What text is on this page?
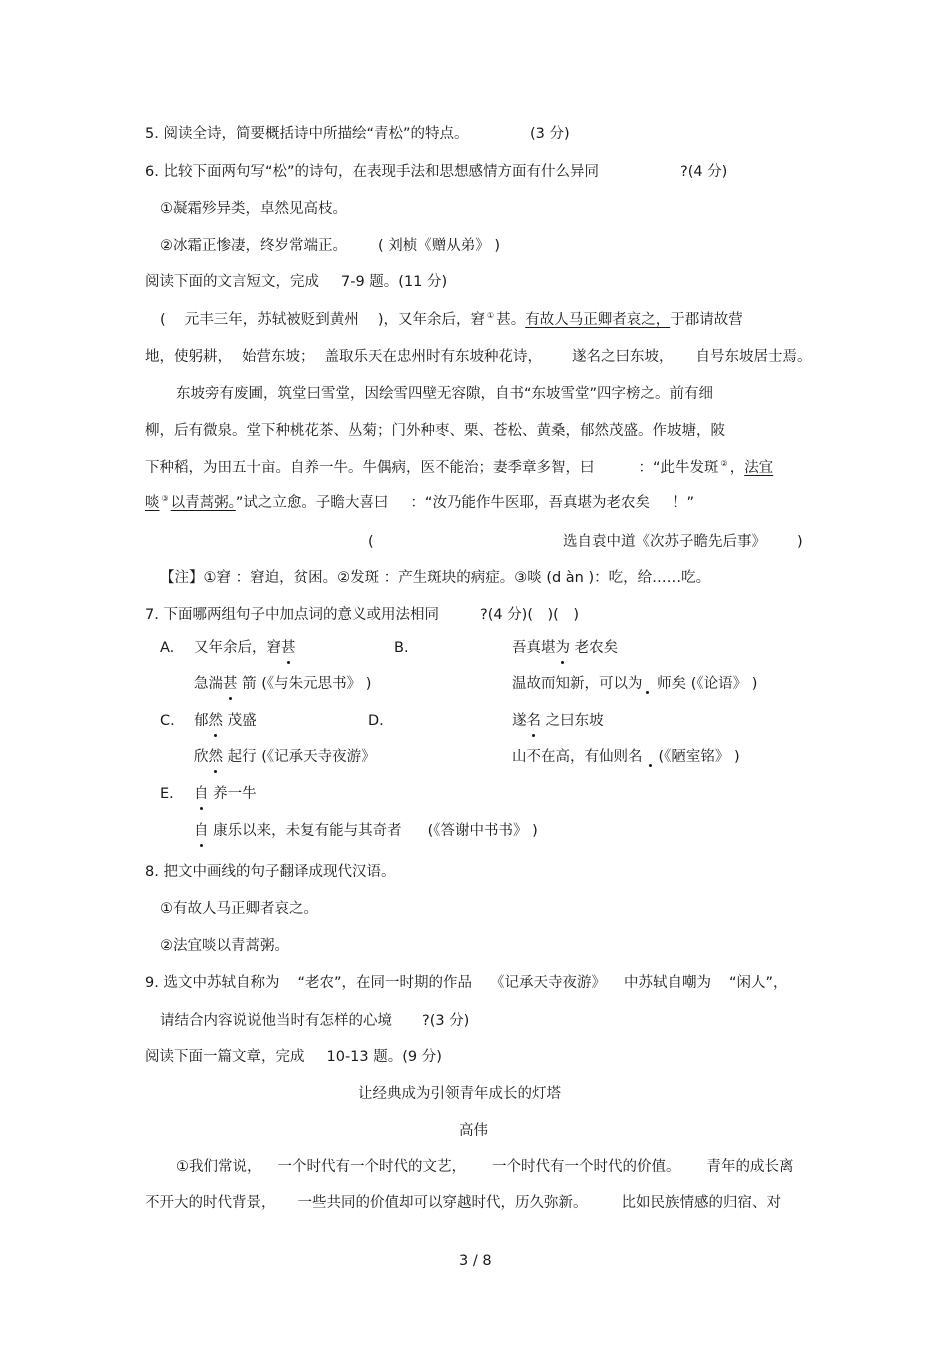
5. 阅读全诗，简要概括诗中所描绘“青松”的特点。	(3 分)
6. 比较下面两句写“松”的诗句，在表现手法和思想感情方面有什么异同	?(4 分)
①凝霜殄异类，卓然见高枝。
②冰霜正惨凄，终岁常端正。 ( 刘桢《赠从弟》 )
阅读下面的文言短文，完成 7-9 题。(11 分)
(　 元丰三年，苏轼被贬到黄州　 )，又年余后，窘 ① 甚。有故人马正卿者哀之，于郡请故营
地，使躬耕， 始营东坡； 盖取乐天在忠州时有东坡种花诗， 遂名之曰东坡， 自号东坡居士焉。
东坡旁有废圃，筑堂曰雪堂，因绘雪四壁无容隙，自书“东坡雪堂”四字榜之。前有细
柳，后有微泉。堂下种桃花茶、丛菊；门外种枣、栗、苍松、黄桑，郁然茂盛。作坡塘，陂
下种稻，为田五十亩。自养一牛。牛偶病，医不能治；妻季章多智，曰	：“此牛发斑 ② ，法宜
啖 ③ 以青蒿粥。”试之立愈。子瞻大喜曰 ：“汝乃能作牛医耶，吾真堪为老农矣 ！”
(	选自袁中道《次苏子瞻先后事》 )
【注】①窘 ：窘迫，贫困。②发斑 ：产生斑块的病症。③啖 (d àn )：吃，给……吃。
7. 下面哪两组句子中加点词的意义或用法相同	?(4 分)(　)(　)
A. 又年余后，窘甚	B.	吾真堪为 老农矣
急湍甚 箭 (《与朱元思书》 )	温故而知新，可以为 师矣 (《论语》 )
C. 郁然 茂盛	D.	遂名 之曰东坡
欣然 起行 (《记承天寺夜游》	山不在高，有仙则名 (《陋室铭》 )
E. 自 养一牛
自 康乐以来，未复有能与其奇者 (《答谢中书书》 )
8. 把文中画线的句子翻译成现代汉语。
①有故人马正卿者哀之。
②法宜啖以青蒿粥。
9. 选文中苏轼自称为 “老农”，在同一时期的作品 《记承天寺夜游》 中苏轼自嘲为 “闲人”，
请结合内容说说他当时有怎样的心境 ?(3 分)
阅读下面一篇文章，完成 10-13 题。(9 分)
让经典成为引领青年成长的灯塔
高伟
①我们常说， 一个时代有一个时代的文艺， 一个时代有一个时代的价值。 青年的成长离
不开大的时代背景， 一些共同的价值却可以穿越时代，历久弥新。 比如民族情感的归宿、对
3 / 8
